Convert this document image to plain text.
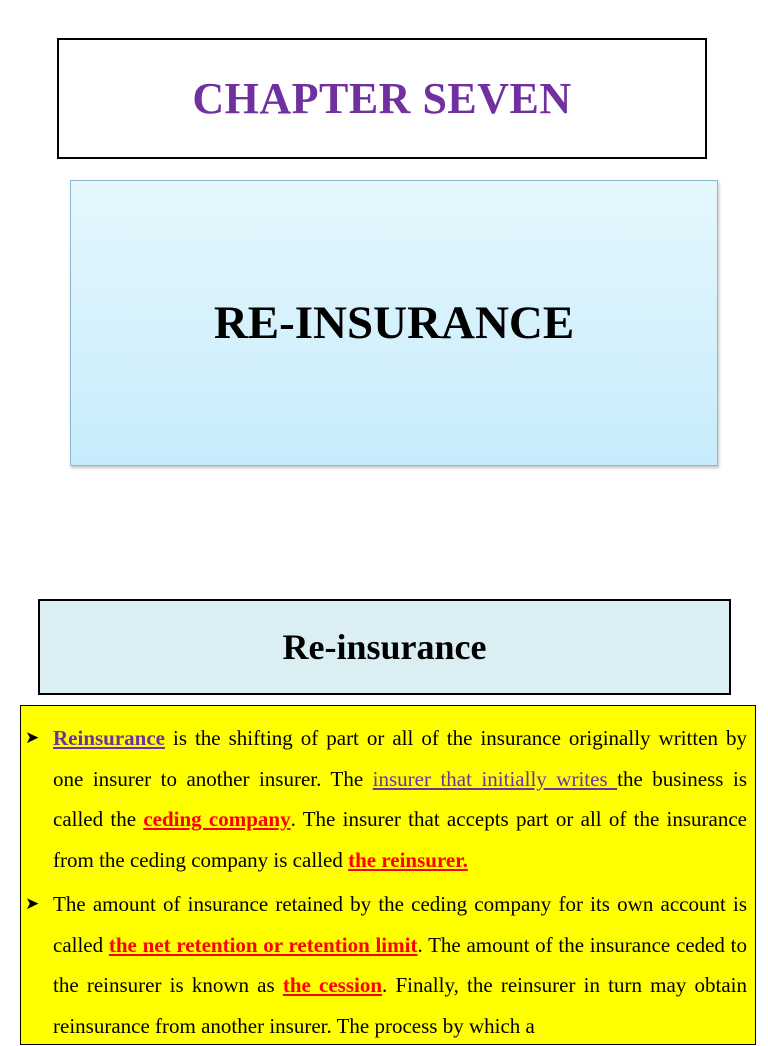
CHAPTER SEVEN
RE-INSURANCE
Re-insurance

➤ Reinsurance is the shifting of part or all of the insurance originally written by one insurer to another insurer. The insurer that initially writes the business is called the ceding company. The insurer that accepts part or all of the insurance from the ceding company is called the reinsurer.

➤ The amount of insurance retained by the ceding company for its own account is called the net retention or retention limit. The amount of the insurance ceded to the reinsurer is known as the cession. Finally, the reinsurer in turn may obtain reinsurance from another insurer. The process by which a
